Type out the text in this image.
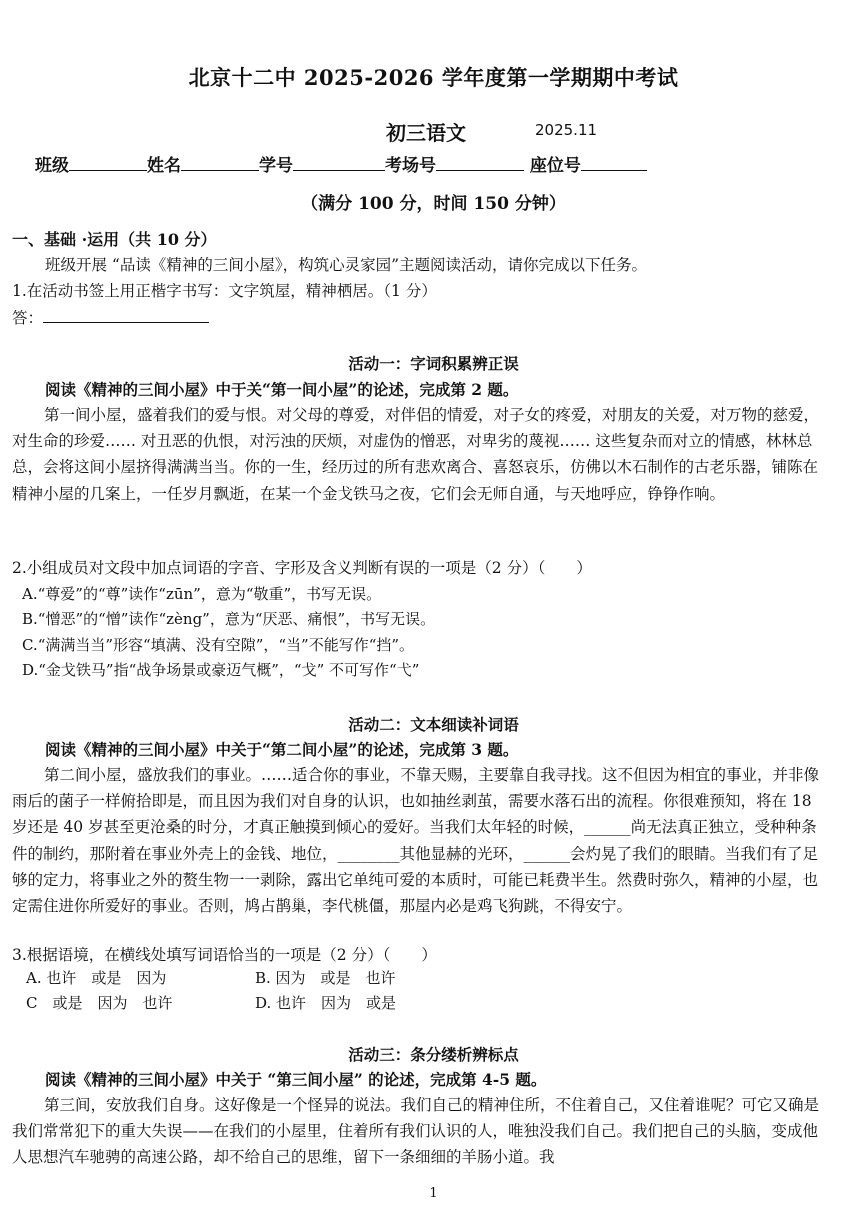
北京十二中 2025-2026 学年度第一学期期中考试
初三语文	2025.11
班级	姓名	学号	考场号	座位号
（满分 100 分，时间 150 分钟）
一、基础 ·运用（共 10 分）
班级开展 “品读《精神的三间小屋》，构筑心灵家园”主题阅读活动，请你完成以下任务。
1.在活动书签上用正楷字书写：文字筑屋，精神栖居。（1 分）
答：
活动一：字词积累辨正误
阅读《精神的三间小屋》中于关“第一间小屋”的论述，完成第 2 题。
第一间小屋，盛着我们的爱与恨。对父母的尊爱，对伴侣的情爱，对子女的疼爱，对朋友的关爱，对万物的慈爱，对生命的珍爱…… 对丑恶的仇恨，对污浊的厌烦，对虚伪的憎恶，对卑劣的蔑视…… 这些复杂而对立的情感，林林总总，会将这间小屋挤得满满当当。你的一生，经历过的所有悲欢离合、喜怒哀乐，仿佛以木石制作的古老乐器，铺陈在精神小屋的几案上，一任岁月飘逝，在某一个金戈铁马之夜，它们会无师自通，与天地呼应，铮铮作响。
2.小组成员对文段中加点词语的字音、字形及含义判断有误的一项是（2 分）（　　）
A.“尊爱”的“尊”读作“zūn”，意为“敬重”，书写无误。
B.“憎恶”的“憎”读作“zèng”，意为“厌恶、痛恨”，书写无误。
C.“满满当当”形容“填满、没有空隙”，“当”不能写作“挡”。
D.“金戈铁马”指“战争场景或豪迈气概”，“戈” 不可写作“弋”
活动二：文本细读补词语
阅读《精神的三间小屋》中关于“第二间小屋”的论述，完成第 3 题。
第二间小屋，盛放我们的事业。……适合你的事业，不靠天赐，主要靠自我寻找。这不但因为相宜的事业，并非像雨后的菌子一样俯拾即是，而且因为我们对自身的认识，也如抽丝剥茧，需要水落石出的流程。你很难预知，将在 18 岁还是 40 岁甚至更沧桑的时分，才真正触摸到倾心的爱好。当我们太年轻的时候，______尚无法真正独立，受种种条件的制约，那附着在事业外壳上的金钱、地位，________其他显赫的光环，______会灼晃了我们的眼睛。当我们有了足够的定力，将事业之外的赘生物一一剥除，露出它单纯可爱的本质时，可能已耗费半生。然费时弥久，精神的小屋，也定需住进你所爱好的事业。否则，鸠占鹊巢，李代桃僵，那屋内必是鸡飞狗跳，不得安宁。
3.根据语境，在横线处填写词语恰当的一项是（2 分）（　　）
A. 也许　或是　因为	B. 因为　或是　也许
C　或是　因为　也许	D. 也许　因为　或是
活动三：条分缕析辨标点
阅读《精神的三间小屋》中关于 “第三间小屋” 的论述，完成第 4-5 题。
第三间，安放我们自身。这好像是一个怪异的说法。我们自己的精神住所，不住着自己，又住着谁呢？可它又确是我们常常犯下的重大失误——在我们的小屋里，住着所有我们认识的人，唯独没我们自己。我们把自己的头脑，变成他人思想汽车驰骋的高速公路，却不给自己的思维，留下一条细细的羊肠小道。我
1
